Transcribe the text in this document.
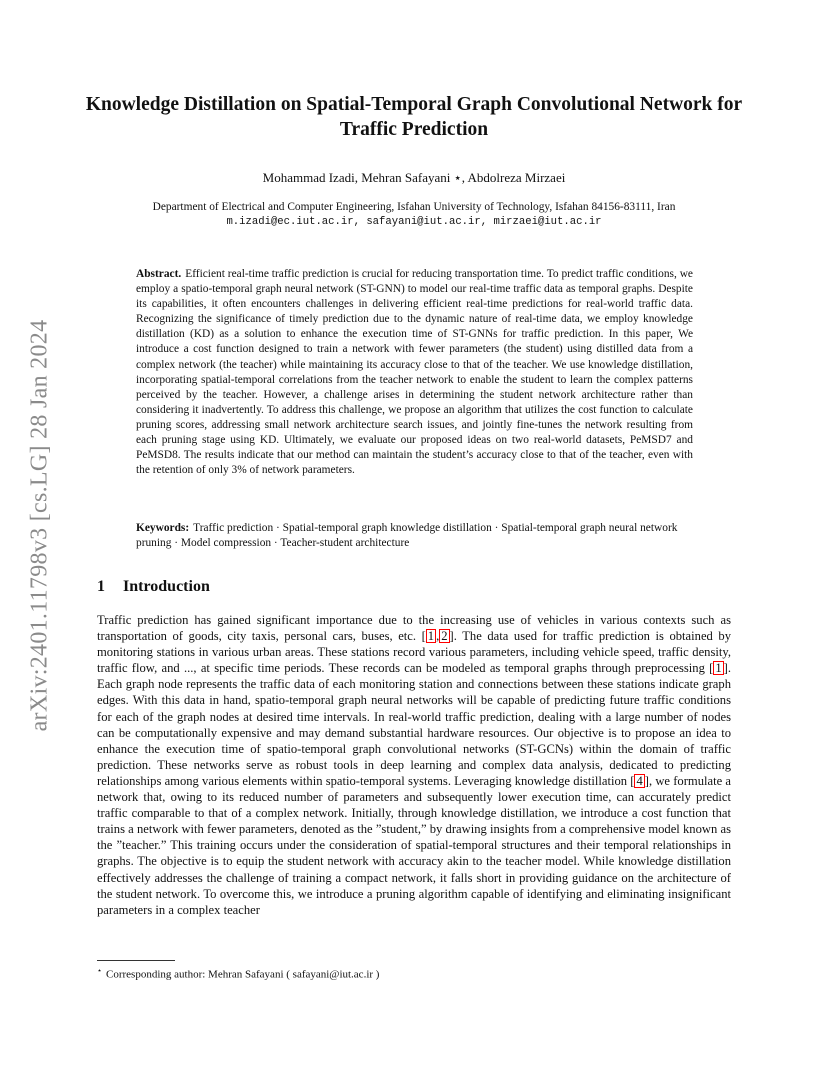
arXiv:2401.11798v3 [cs.LG] 28 Jan 2024
Knowledge Distillation on Spatial-Temporal Graph Convolutional Network for Traffic Prediction
Mohammad Izadi, Mehran Safayani ⋆, Abdolreza Mirzaei
Department of Electrical and Computer Engineering, Isfahan University of Technology, Isfahan 84156-83111, Iran
m.izadi@ec.iut.ac.ir, safayani@iut.ac.ir, mirzaei@iut.ac.ir

Abstract. Efficient real-time traffic prediction is crucial for reducing transportation time. To predict traffic conditions, we employ a spatio-temporal graph neural network (ST-GNN) to model our real-time traffic data as temporal graphs. Despite its capabilities, it often encounters challenges in delivering efficient real-time predictions for real-world traffic data. Recognizing the significance of timely prediction due to the dynamic nature of real-time data, we employ knowledge distillation (KD) as a solution to enhance the execution time of ST-GNNs for traffic prediction. In this paper, We introduce a cost function designed to train a network with fewer parameters (the student) using distilled data from a complex network (the teacher) while maintaining its accuracy close to that of the teacher. We use knowledge distillation, incorporating spatial-temporal correlations from the teacher network to enable the student to learn the complex patterns perceived by the teacher. However, a challenge arises in determining the student network architecture rather than considering it inadvertently. To address this challenge, we propose an algorithm that utilizes the cost function to calculate pruning scores, addressing small network architecture search issues, and jointly fine-tunes the network resulting from each pruning stage using KD. Ultimately, we evaluate our proposed ideas on two real-world datasets, PeMSD7 and PeMSD8. The results indicate that our method can maintain the student’s accuracy close to that of the teacher, even with the retention of only 3% of network parameters.

Keywords: Traffic prediction · Spatial-temporal graph knowledge distillation · Spatial-temporal graph neural network pruning · Model compression · Teacher-student architecture

1 Introduction

Traffic prediction has gained significant importance due to the increasing use of vehicles in various contexts such as transportation of goods, city taxis, personal cars, buses, etc. [ 1 , 2 ]. The data used for traffic prediction is obtained by monitoring stations in various urban areas. These stations record various parameters, including vehicle speed, traffic density, traffic flow, and ..., at specific time periods. These records can be modeled as temporal graphs through preprocessing [ 1 ]. Each graph node represents the traffic data of each monitoring station and connections between these stations indicate graph edges. With this data in hand, spatio-temporal graph neural networks will be capable of predicting future traffic conditions for each of the graph nodes at desired time intervals. In real-world traffic prediction, dealing with a large number of nodes can be computationally expensive and may demand substantial hardware resources. Our objective is to propose an idea to enhance the execution time of spatio-temporal graph convolutional networks (ST-GCNs) within the domain of traffic prediction. These networks serve as robust tools in deep learning and complex data analysis, dedicated to predicting relationships among various elements within spatio-temporal systems. Leveraging knowledge distillation [ 4 ], we formulate a network that, owing to its reduced number of parameters and subsequently lower execution time, can accurately predict traffic comparable to that of a complex network. Initially, through knowledge distillation, we introduce a cost function that trains a network with fewer parameters, denoted as the ”student,” by drawing insights from a comprehensive model known as the ”teacher.” This training occurs under the consideration of spatial-temporal structures and their temporal relationships in graphs. The objective is to equip the student network with accuracy akin to the teacher model. While knowledge distillation effectively addresses the challenge of training a compact network, it falls short in providing guidance on the architecture of the student network. To overcome this, we introduce a pruning algorithm capable of identifying and eliminating insignificant parameters in a complex teacher

⋆ Corresponding author: Mehran Safayani ( safayani@iut.ac.ir )
